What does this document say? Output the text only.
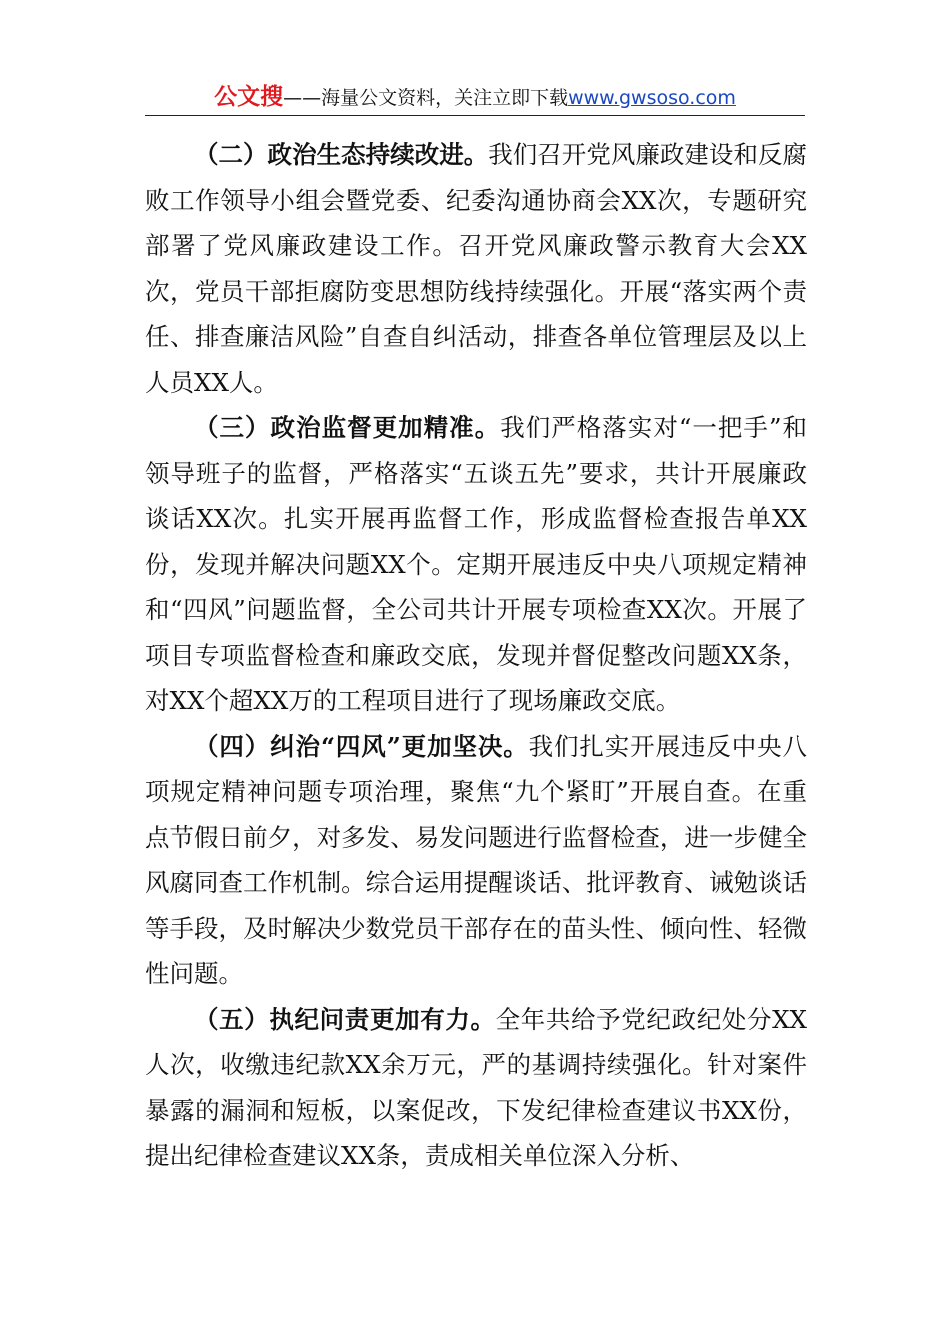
公文搜——海量公文资料，关注立即下载www.gwsoso.com

（二）政治生态持续改进。我们召开党风廉政建设和反腐败工作领导小组会暨党委、纪委沟通协商会XX次，专题研究部署了党风廉政建设工作。召开党风廉政警示教育大会XX次，党员干部拒腐防变思想防线持续强化。开展“落实两个责任、排查廉洁风险”自查自纠活动，排查各单位管理层及以上人员XX人。

（三）政治监督更加精准。我们严格落实对“一把手”和领导班子的监督，严格落实“五谈五先”要求，共计开展廉政谈话XX次。扎实开展再监督工作，形成监督检查报告单XX份，发现并解决问题XX个。定期开展违反中央八项规定精神和“四风”问题监督，全公司共计开展专项检查XX次。开展了项目专项监督检查和廉政交底，发现并督促整改问题XX条，对XX个超XX万的工程项目进行了现场廉政交底。

（四）纠治“四风”更加坚决。我们扎实开展违反中央八项规定精神问题专项治理，聚焦“九个紧盯”开展自查。在重点节假日前夕，对多发、易发问题进行监督检查，进一步健全风腐同查工作机制。综合运用提醒谈话、批评教育、诫勉谈话等手段，及时解决少数党员干部存在的苗头性、倾向性、轻微性问题。

（五）执纪问责更加有力。全年共给予党纪政纪处分XX人次，收缴违纪款XX余万元，严的基调持续强化。针对案件暴露的漏洞和短板，以案促改，下发纪律检查建议书XX份，提出纪律检查建议XX条，责成相关单位深入分析、
